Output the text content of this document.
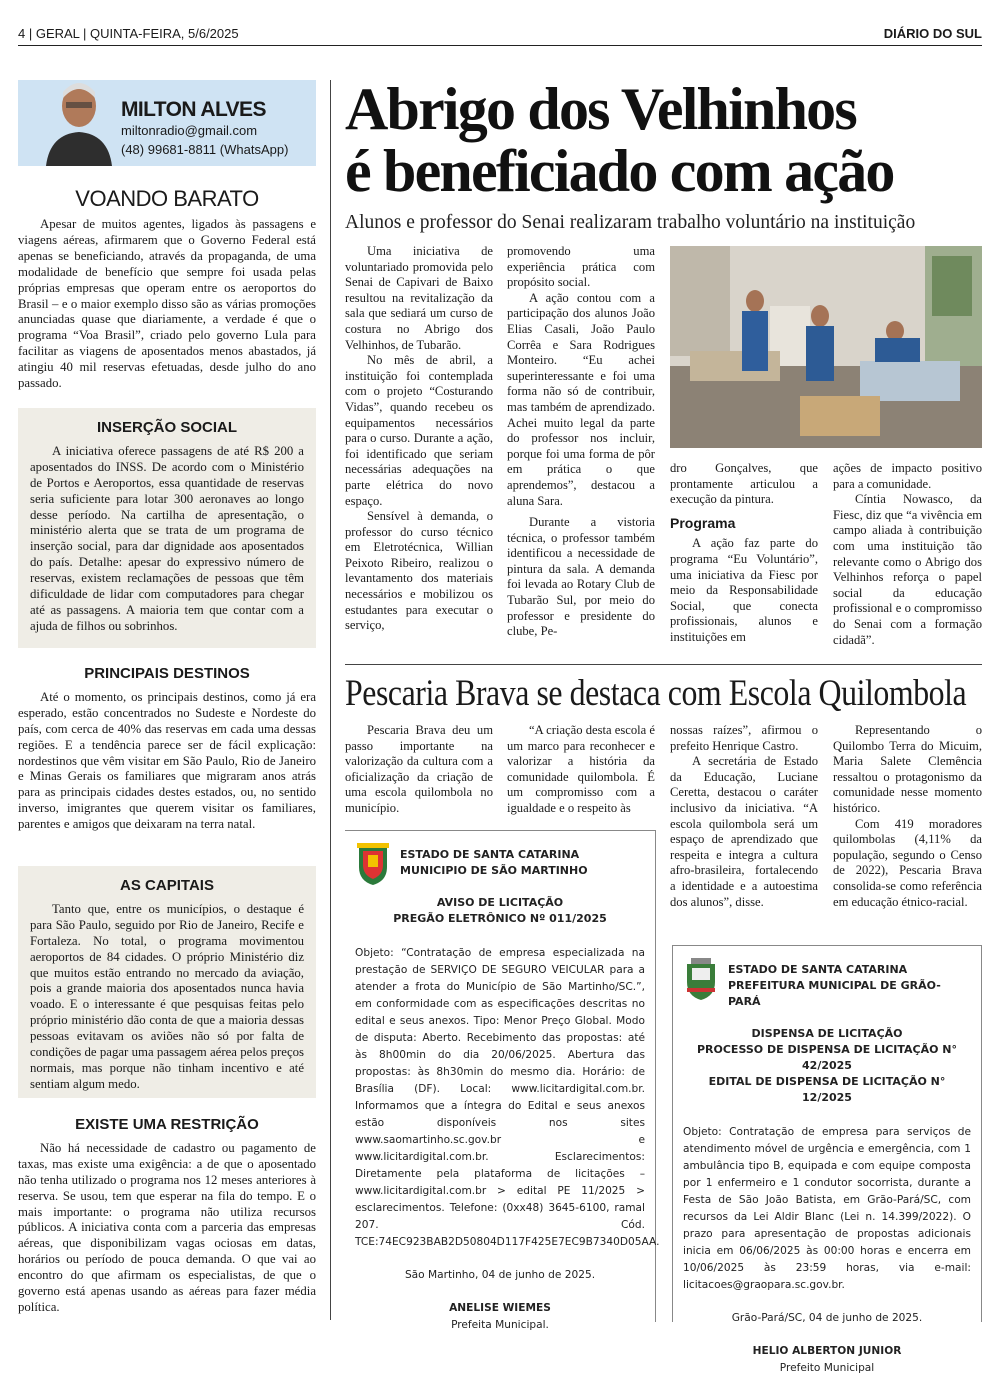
4 | GERAL | QUINTA-FEIRA, 5/6/2025	DIÁRIO DO SUL
MILTON ALVES
miltonradio@gmail.com
(48) 99681-8811 (WhatsApp)
VOANDO BARATO

Apesar de muitos agentes, ligados às passagens e viagens aéreas, afirmarem que o Governo Federal está apenas se beneficiando, através da propaganda, de uma modalidade de benefício que sempre foi usada pelas próprias empresas que operam entre os aeroportos do Brasil – e o maior exemplo disso são as várias promoções anunciadas quase que diariamente, a verdade é que o programa “Voa Brasil”, criado pelo governo Lula para facilitar as viagens de aposentados menos abastados, já atingiu 40 mil reservas efetuadas, desde julho do ano passado.

INSERÇÃO SOCIAL

A iniciativa oferece passagens de até R$ 200 a aposentados do INSS. De acordo com o Ministério de Portos e Aeroportos, essa quantidade de reservas seria suficiente para lotar 300 aeronaves ao longo desse período. Na cartilha de apresentação, o ministério alerta que se trata de um programa de inserção social, para dar dignidade aos aposentados do país. Detalhe: apesar do expressivo número de reservas, existem reclamações de pessoas que têm dificuldade de lidar com computadores para chegar até as passagens. A maioria tem que contar com a ajuda de filhos ou sobrinhos.

PRINCIPAIS DESTINOS

Até o momento, os principais destinos, como já era esperado, estão concentrados no Sudeste e Nordeste do país, com cerca de 40% das reservas em cada uma dessas regiões. E a tendência parece ser de fácil explicação: nordestinos que vêm visitar em São Paulo, Rio de Janeiro e Minas Gerais os familiares que migraram anos atrás para as principais cidades destes estados, ou, no sentido inverso, imigrantes que querem visitar os familiares, parentes e amigos que deixaram na terra natal.

AS CAPITAIS

Tanto que, entre os municípios, o destaque é para São Paulo, seguido por Rio de Janeiro, Recife e Fortaleza. No total, o programa movimentou aeroportos de 84 cidades. O próprio Ministério diz que muitos estão entrando no mercado da aviação, pois a grande maioria dos aposentados nunca havia voado. E o interessante é que pesquisas feitas pelo próprio ministério dão conta de que a maioria dessas pessoas evitavam os aviões não só por falta de condições de pagar uma passagem aérea pelos preços normais, mas porque não tinham incentivo e até sentiam algum medo.

EXISTE UMA RESTRIÇÃO

Não há necessidade de cadastro ou pagamento de taxas, mas existe uma exigência: a de que o aposentado não tenha utilizado o programa nos 12 meses anteriores à reserva. Se usou, tem que esperar na fila do tempo. E o mais importante: o programa não utiliza recursos públicos. A iniciativa conta com a parceria das empresas aéreas, que disponibilizam vagas ociosas em datas, horários ou período de pouca demanda. O que vai ao encontro do que afirmam os especialistas, de que o governo está apenas usando as aéreas para fazer média política.

Abrigo dos Velhinhos
é beneficiado com ação
Alunos e professor do Senai realizaram trabalho voluntário na instituição

Uma iniciativa de voluntariado promovida pelo Senai de Capivari de Baixo resultou na revitalização da sala que sediará um curso de costura no Abrigo dos Velhinhos, de Tubarão.

No mês de abril, a instituição foi contemplada com o projeto “Costurando Vidas”, quando recebeu os equipamentos necessários para o curso. Durante a ação, foi identificado que seriam necessárias adequações na parte elétrica do novo espaço.

Sensível à demanda, o professor do curso técnico em Eletrotécnica, Willian Peixoto Ribeiro, realizou o levantamento dos materiais necessários e mobilizou os estudantes para executar o serviço,

promovendo uma experiência prática com propósito social.

A ação contou com a participação dos alunos João Elias Casali, João Paulo Corrêa e Sara Rodrigues Monteiro. “Eu achei superinteressante e foi uma forma não só de contribuir, mas também de aprendizado. Achei muito legal da parte do professor nos incluir, porque foi uma forma de pôr em prática o que aprendemos”, destacou a aluna Sara.

Durante a vistoria técnica, o professor também identificou a necessidade de pintura da sala. A demanda foi levada ao Rotary Club de Tubarão Sul, por meio do professor e presidente do clube, Pe-

dro Gonçalves, que prontamente articulou a execução da pintura.

Programa

A ação faz parte do programa “Eu Voluntário”, uma iniciativa da Fiesc por meio da Responsabilidade Social, que conecta profissionais, alunos e instituições em

ações de impacto positivo para a comunidade.

Cíntia Nowasco, da Fiesc, diz que “a vivência em campo aliada à contribuição com uma instituição tão relevante como o Abrigo dos Velhinhos reforça o papel social da educação profissional e o compromisso do Senai com a formação cidadã”.

Pescaria Brava se destaca com Escola Quilombola

Pescaria Brava deu um passo importante na valorização da cultura com a oficialização da criação de uma escola quilombola no município.

“A criação desta escola é um marco para reconhecer e valorizar a história da comunidade quilombola. É um compromisso com a igualdade e o respeito às

nossas raízes”, afirmou o prefeito Henrique Castro.

A secretária de Estado da Educação, Luciane Ceretta, destacou o caráter inclusivo da iniciativa. “A escola quilombola será um espaço de aprendizado que respeita e integra a cultura afro-brasileira, fortalecendo a identidade e a autoestima dos alunos”, disse.

Representando o Quilombo Terra do Micuim, Maria Salete Clemência ressaltou o protagonismo da comunidade nesse momento histórico.

Com 419 moradores quilombolas (4,11% da população, segundo o Censo de 2022), Pescaria Brava consolida-se como referência em educação étnico-racial.

ESTADO DE SANTA CATARINA
MUNICIPIO DE SÃO MARTINHO
AVISO DE LICITAÇÃO
PREGÃO ELETRÔNICO Nº 011/2025
Objeto: “Contratação de empresa especializada na prestação de SERVIÇO DE SEGURO VEICULAR para a atender a frota do Município de São Martinho/SC.”, em conformidade com as especificações descritas no edital e seus anexos. Tipo: Menor Preço Global. Modo de disputa: Aberto. Recebimento das propostas: até às 8h00min do dia 20/06/2025. Abertura das propostas: às 8h30min do mesmo dia. Horário: de Brasília (DF). Local: www.licitardigital.com.br. Informamos que a íntegra do Edital e seus anexos estão disponíveis nos sites www.saomartinho.sc.gov.br e www.licitardigital.com.br. Esclarecimentos: Diretamente pela plataforma de licitações – www.licitardigital.com.br > edital PE 11/2025 > esclarecimentos. Telefone: (0xx48) 3645-6100, ramal 207. Cód. TCE:74EC923BAB2D50804D117F425E7EC9B7340D05AA.
São Martinho, 04 de junho de 2025.
ANELISE WIEMES
Prefeita Municipal.
ESTADO DE SANTA CATARINA
PREFEITURA MUNICIPAL DE GRÃO-PARÁ
DISPENSA DE LICITAÇÃO
PROCESSO DE DISPENSA DE LICITAÇÃO N° 42/2025
EDITAL DE DISPENSA DE LICITAÇÃO N° 12/2025
Objeto: Contratação de empresa para serviços de atendimento móvel de urgência e emergência, com 1 ambulância tipo B, equipada e com equipe composta por 1 enfermeiro e 1 condutor socorrista, durante a Festa de São João Batista, em Grão-Pará/SC, com recursos da Lei Aldir Blanc (Lei n. 14.399/2022). O prazo para apresentação de propostas adicionais inicia em 06/06/2025 às 00:00 horas e encerra em 10/06/2025 às 23:59 horas, via e-mail: licitacoes@graopara.sc.gov.br.
Grão-Pará/SC, 04 de junho de 2025.
HELIO ALBERTON JUNIOR
Prefeito Municipal
